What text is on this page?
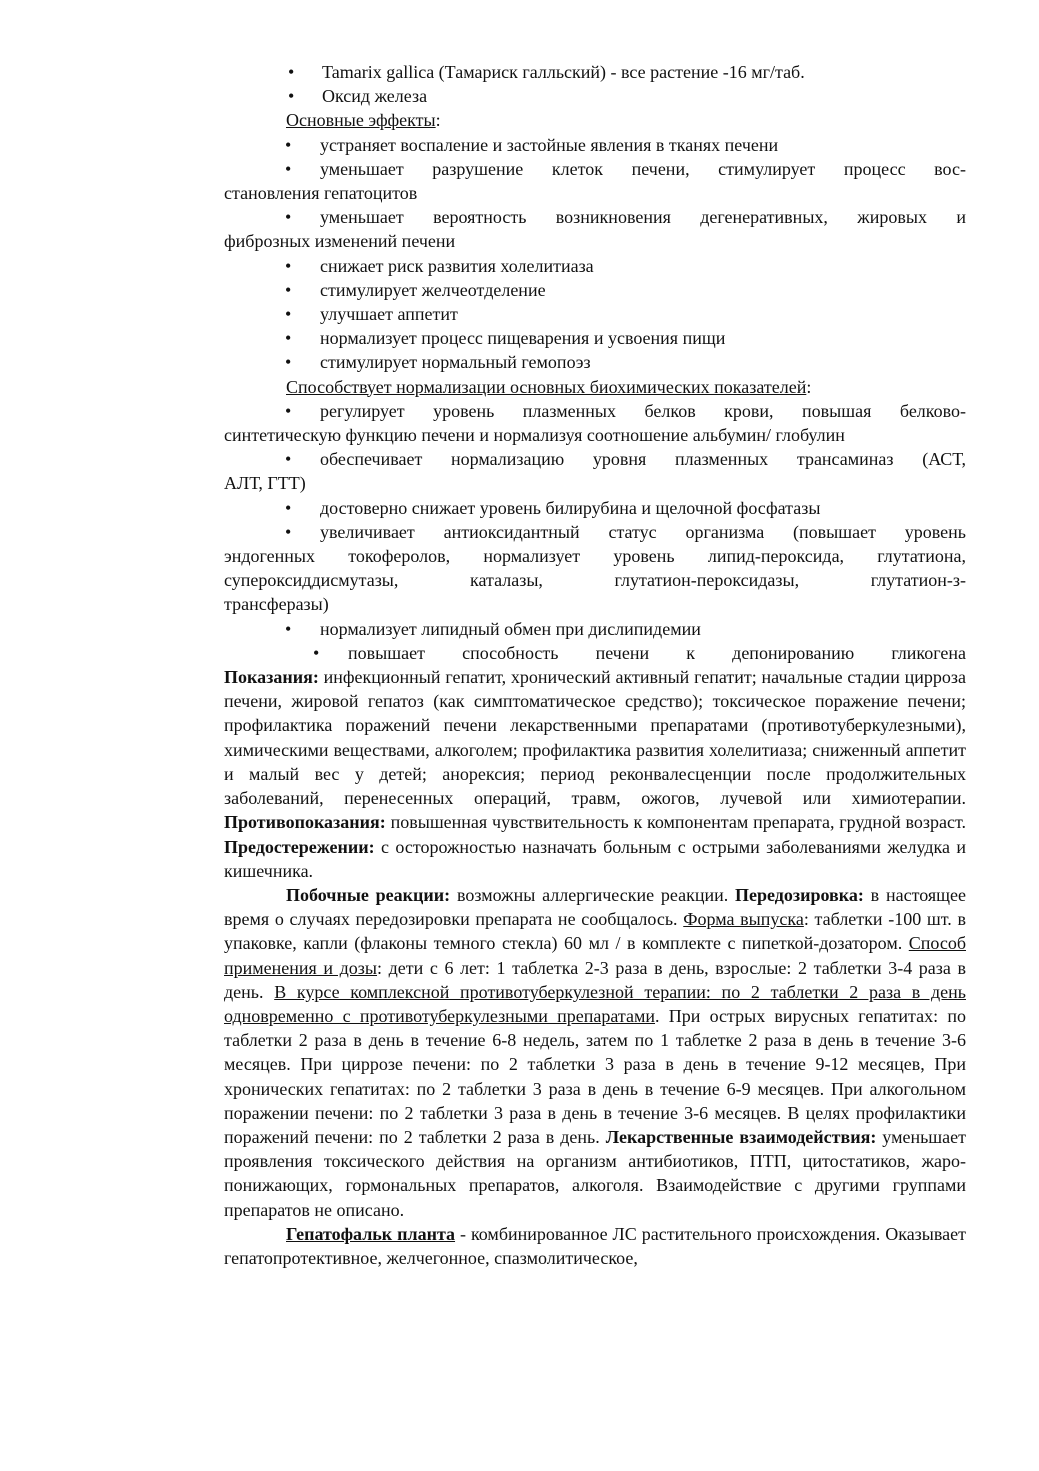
• Tamarix gallica (Тамариск галльский) - все растение -16 мг/таб.
• Оксид железа
Основные эффекты:
• устраняет воспаление и застойные явления в тканях печени
• уменьшает разрушение клеток печени, стимулирует процесс вос-
становления гепатоцитов
• уменьшает вероятность возникновения дегенеративных, жировых и
фиброзных изменений печени
• снижает риск развития холелитиаза
• стимулирует желчеотделение
• улучшает аппетит
• нормализует процесс пищеварения и усвоения пищи
• стимулирует нормальный гемопоэз
Способствует нормализации основных биохимических показателей:
• регулирует уровень плазменных белков крови, повышая белково-
синтетическую функцию печени и нормализуя соотношение альбумин/ глобулин
• обеспечивает нормализацию уровня плазменных трансаминаз (АСТ,
АЛТ, ГТТ)
• достоверно снижает уровень билирубина и щелочной фосфатазы
• увеличивает антиоксидантный статус организма (повышает уровень
эндогенных токоферолов, нормализует уровень липид-пероксида, глутатиона,
супероксиддисмутазы, каталазы, глутатион-пероксидазы, глутатион-з-
трансферазы)
• нормализует липидный обмен при дислипидемии
• повышает способность печени к депонированию гликогена
Показания: инфекционный гепатит, хронический активный гепатит; начальные стадии цирроза печени, жировой гепатоз (как симптоматическое средство); токсическое поражение печени; профилактика поражений печени лекарственными препаратами (противотуберкулезными), химическими веществами, алкоголем; профилактика развития холелитиаза; сниженный аппетит и малый вес у детей; анорексия; период реконвалесценции после продолжительных заболеваний, перенесенных операций, травм, ожогов, лучевой или химиотерапии. Противопоказания: повышенная чувствительность к компонентам препарата, грудной возраст. Предостережении: с осторожностью назначать больным с острыми заболеваниями желудка и кишечника.
Побочные реакции: возможны аллергические реакции. Передозировка: в настоящее время о случаях передозировки препарата не сообщалось. Форма выпуска: таблетки -100 шт. в упаковке, капли (флаконы темного стекла) 60 мл / в комплекте с пипеткой-дозатором. Способ применения и дозы: дети с 6 лет: 1 таблетка 2-3 раза в день, взрослые: 2 таблетки 3-4 раза в день. В курсе комплексной противотуберкулезной терапии: по 2 таблетки 2 раза в день одновременно с противотуберкулезными препаратами. При острых вирусных гепатитах: по таблетки 2 раза в день в течение 6-8 недель, затем по 1 таблетке 2 раза в день в течение 3-6 месяцев. При циррозе печени: по 2 таблетки 3 раза в день в течение 9-12 месяцев, При хронических гепатитах: по 2 таблетки 3 раза в день в течение 6-9 месяцев. При алкогольном поражении печени: по 2 таблетки 3 раза в день в течение 3-6 месяцев. В целях профилактики поражений печени: по 2 таблетки 2 раза в день. Лекарственные взаимодействия: уменьшает проявления токсического действия на организм антибиотиков, ПТП, цитостатиков, жаро-понижающих, гормональных препаратов, алкоголя. Взаимодействие с другими группами препаратов не описано.
Гепатофальк планта - комбинированное ЛС растительного происхождения. Оказывает гепатопротективное, желчегонное, спазмолитическое,
